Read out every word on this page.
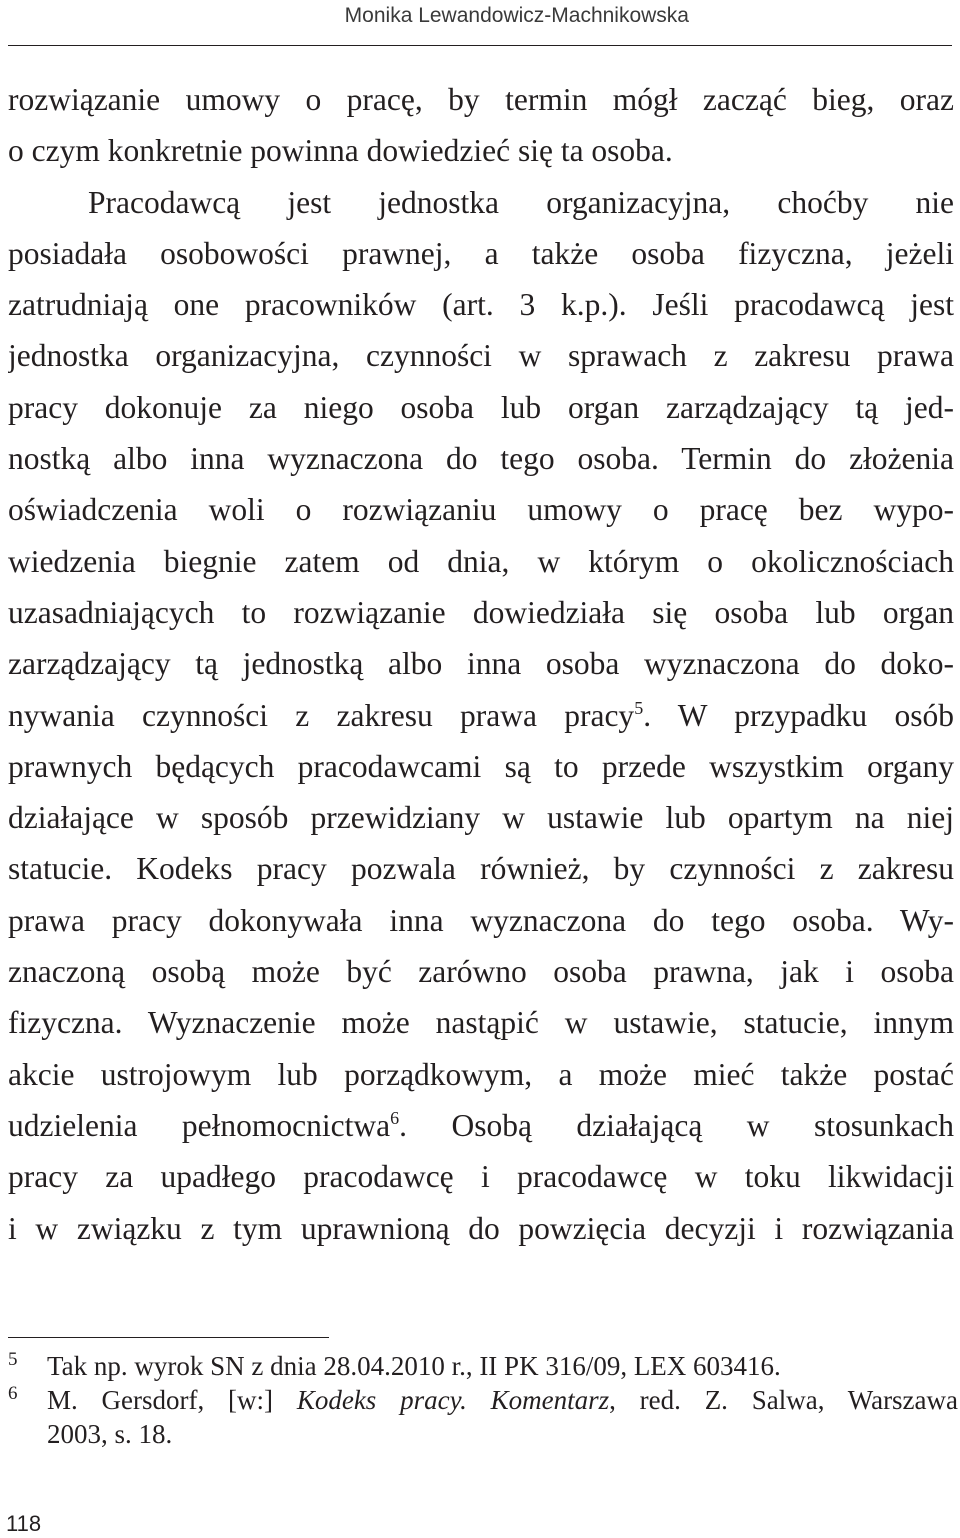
Monika Lewandowicz-Machnikowska
rozwiązanie umowy o pracę, by termin mógł zacząć bieg, oraz
o czym konkretnie powinna dowiedzieć się ta osoba.
Pracodawcą jest jednostka organizacyjna, choćby nie
posiadała osobowości prawnej, a także osoba fizyczna, jeżeli
zatrudniają one pracowników (art. 3 k.p.). Jeśli pracodawcą jest
jednostka organizacyjna, czynności w sprawach z zakresu prawa
pracy dokonuje za niego osoba lub organ zarządzający tą jed-
nostką albo inna wyznaczona do tego osoba. Termin do złożenia
oświadczenia woli o rozwiązaniu umowy o pracę bez wypo-
wiedzenia biegnie zatem od dnia, w którym o okolicznościach
uzasadniających to rozwiązanie dowiedziała się osoba lub organ
zarządzający tą jednostką albo inna osoba wyznaczona do doko-
nywania czynności z zakresu prawa pracy$^5$. W przypadku osób
prawnych będących pracodawcami są to przede wszystkim organy
działające w sposób przewidziany w ustawie lub opartym na niej
statucie. Kodeks pracy pozwala również, by czynności z zakresu
prawa pracy dokonywała inna wyznaczona do tego osoba. Wy-
znaczoną osobą może być zarówno osoba prawna, jak i osoba
fizyczna. Wyznaczenie może nastąpić w ustawie, statucie, innym
akcie ustrojowym lub porządkowym, a może mieć także postać
udzielenia pełnomocnictwa$^6$. Osobą działającą w stosunkach
pracy za upadłego pracodawcę i pracodawcę w toku likwidacji
i w związku z tym uprawnioną do powzięcia decyzji i rozwiązania
5	Tak np. wyrok SN z dnia 28.04.2010 r., II PK 316/09, LEX 603416.
6	M. Gersdorf, [w:] Kodeks pracy. Komentarz, red. Z. Salwa, Warszawa
2003, s. 18.
118
